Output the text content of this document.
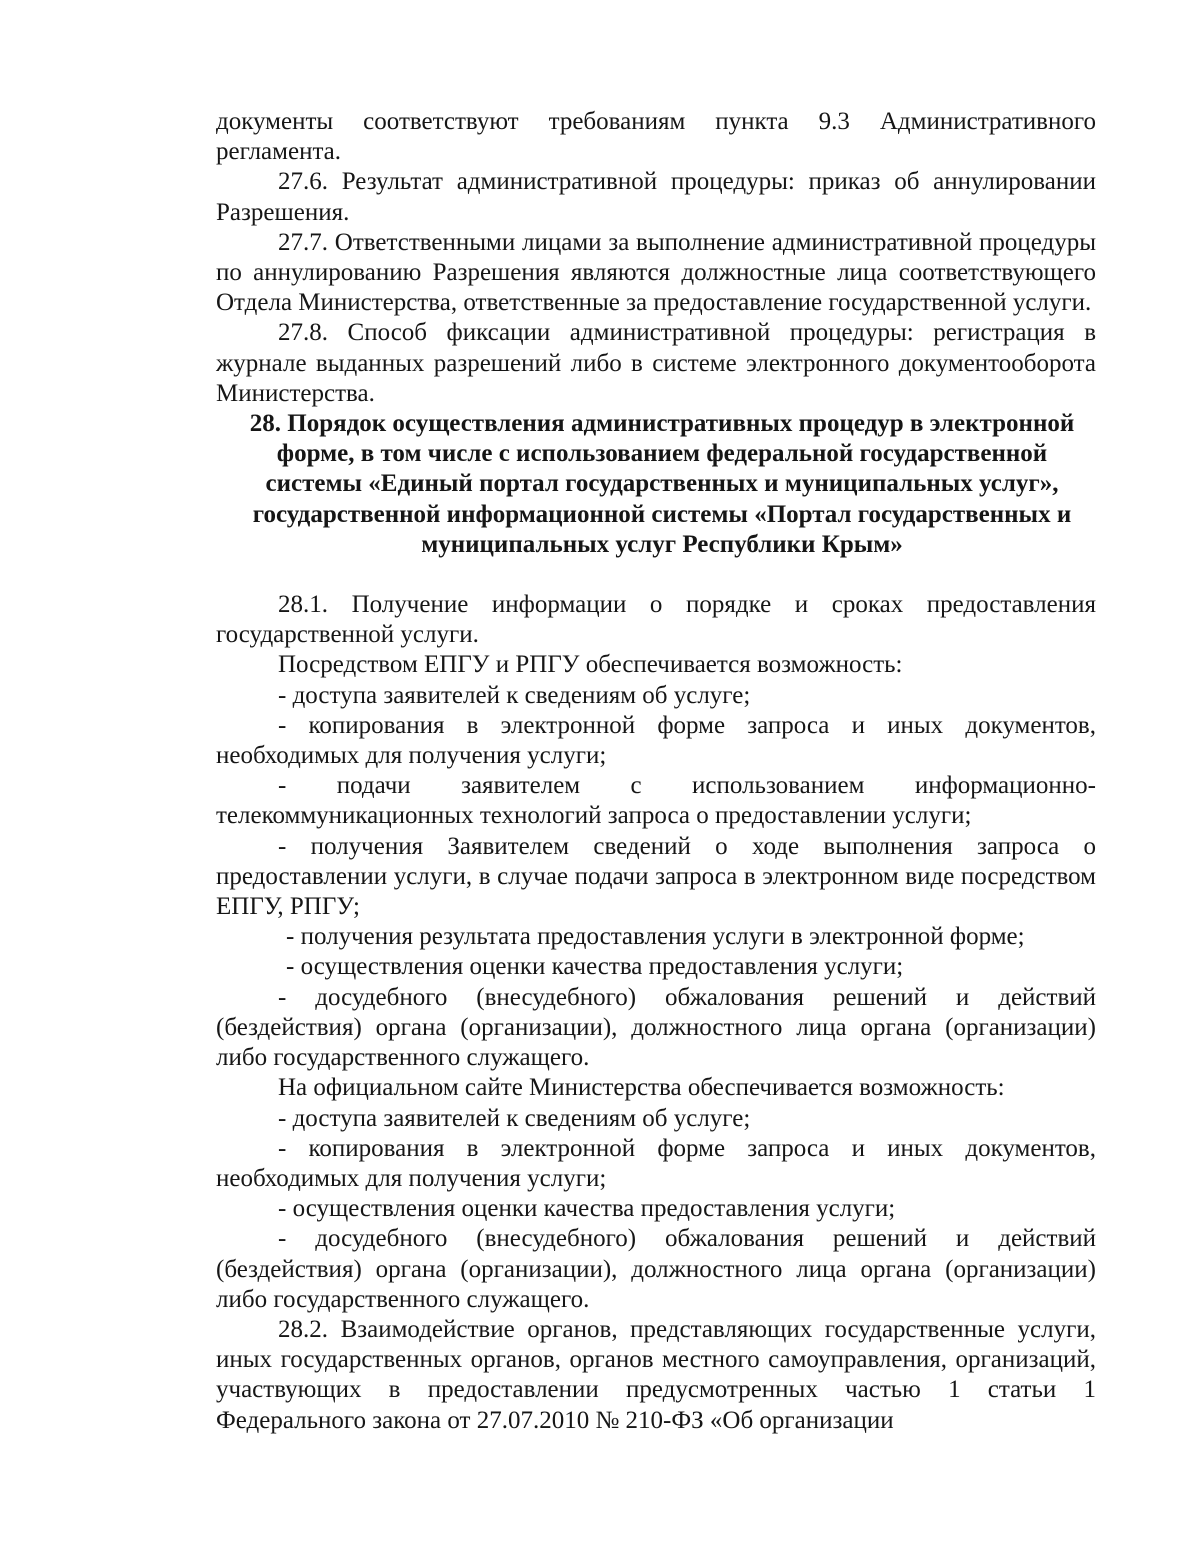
документы соответствуют требованиям пункта 9.3 Административного регламента.

27.6. Результат административной процедуры: приказ об аннулировании Разрешения.

27.7. Ответственными лицами за выполнение административной процедуры по аннулированию Разрешения являются должностные лица соответствующего Отдела Министерства, ответственные за предоставление государственной услуги.

27.8. Способ фиксации административной процедуры: регистрация в журнале выданных разрешений либо в системе электронного документооборота Министерства.

28. Порядок осуществления административных процедур в электронной форме, в том числе с использованием федеральной государственной системы «Единый портал государственных и муниципальных услуг», государственной информационной системы «Портал государственных и муниципальных услуг Республики Крым»

28.1. Получение информации о порядке и сроках предоставления государственной услуги.

Посредством ЕПГУ и РПГУ обеспечивается возможность:

- доступа заявителей к сведениям об услуге;

- копирования в электронной форме запроса и иных документов, необходимых для получения услуги;

- подачи заявителем с использованием информационно-телекоммуникационных технологий запроса о предоставлении услуги;

- получения Заявителем сведений о ходе выполнения запроса о предоставлении услуги, в случае подачи запроса в электронном виде посредством ЕПГУ, РПГУ;

- получения результата предоставления услуги в электронной форме;

- осуществления оценки качества предоставления услуги;

- досудебного (внесудебного) обжалования решений и действий (бездействия) органа (организации), должностного лица органа (организации) либо государственного служащего.

На официальном сайте Министерства обеспечивается возможность:

- доступа заявителей к сведениям об услуге;

- копирования в электронной форме запроса и иных документов, необходимых для получения услуги;

- осуществления оценки качества предоставления услуги;

- досудебного (внесудебного) обжалования решений и действий (бездействия) органа (организации), должностного лица органа (организации) либо государственного служащего.

28.2. Взаимодействие органов, представляющих государственные услуги, иных государственных органов, органов местного самоуправления, организаций, участвующих в предоставлении предусмотренных частью 1 статьи 1 Федерального закона от 27.07.2010 № 210-ФЗ «Об организации
